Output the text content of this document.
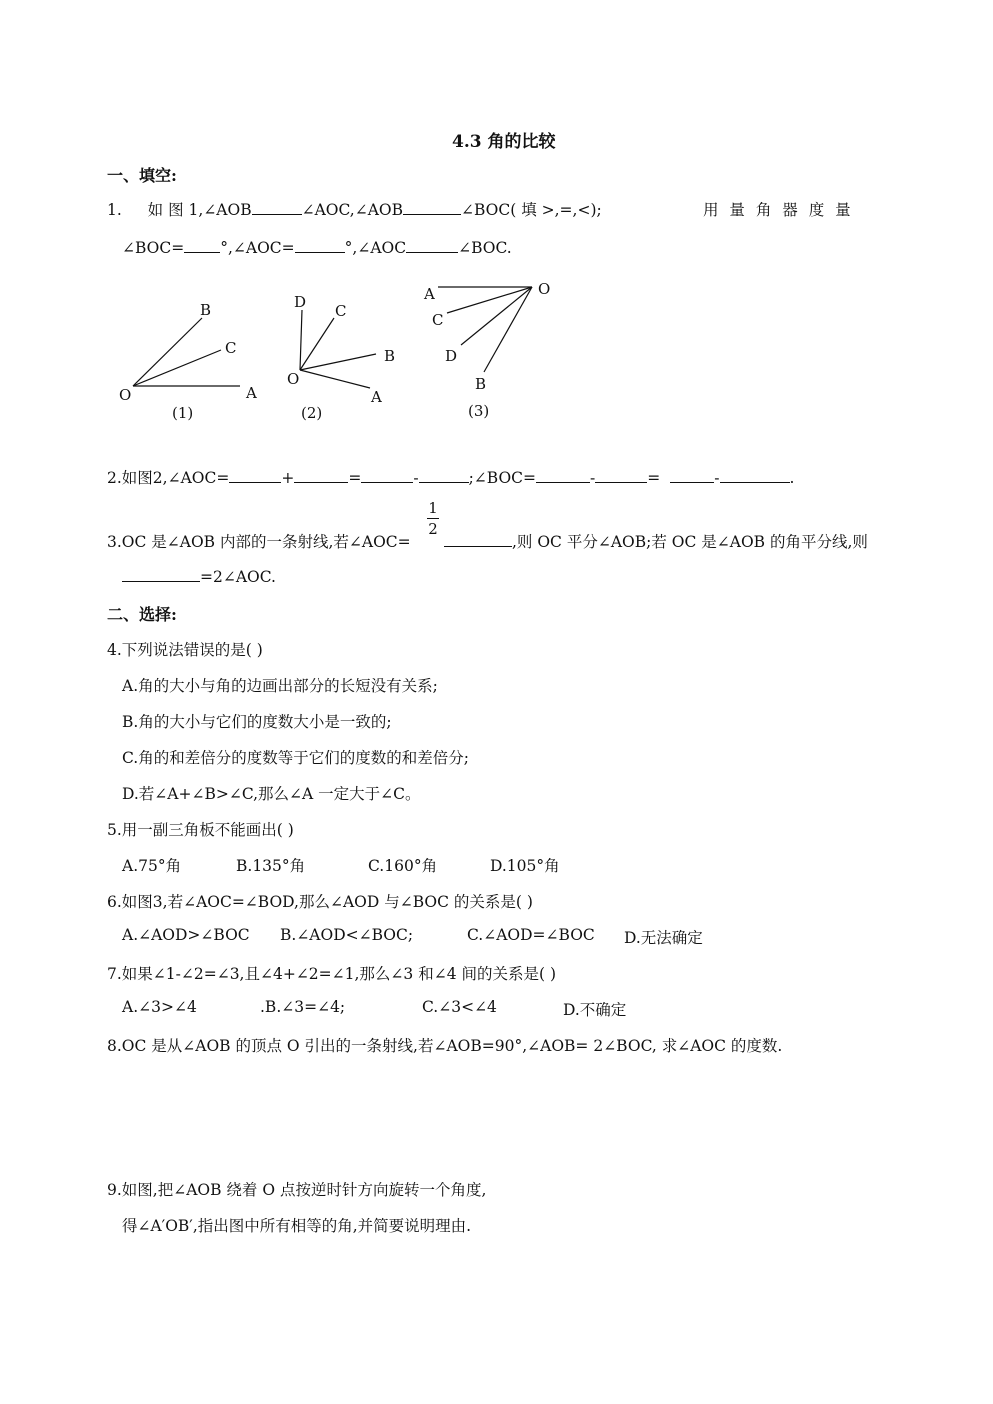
4.3 角的比较
一、填空:
1. 如 图 1,∠AOB	∠AOC,∠AOB	∠BOC( 填 >,=,<);	用 量 角 器 度 量
∠BOC= °,∠AOC=	°,∠AOC	∠BOC.
O	A
B
C
(1)
D C
B
O
A
(2)
A	O
C
D
B
(3)
2.如图2,∠AOC=	+	=	-	;∠BOC=	-	=	-	.
3.OC 是∠AOB 内部的一条射线,若∠AOC=
1
2
,则 OC 平分∠AOB;若 OC 是∠AOB 的角平分线,则
=2∠AOC.
二、选择:
4.下列说法错误的是( )
A.角的大小与角的边画出部分的长短没有关系;
B.角的大小与它们的度数大小是一致的;
C.角的和差倍分的度数等于它们的度数的和差倍分;
D.若∠A+∠B>∠C,那么∠A 一定大于∠C。
5.用一副三角板不能画出( )
A.75°角	B.135°角	C.160°角	D.105°角
6.如图3,若∠AOC=∠BOD,那么∠AOD 与∠BOC 的关系是( )
A.∠AOD>∠BOC B.∠AOD<∠BOC;	C.∠AOD=∠BOC D.无法确定
7.如果∠1-∠2=∠3,且∠4+∠2=∠1,那么∠3 和∠4 间的关系是( )
A.∠3>∠4	.B.∠3=∠4;	C.∠3<∠4	D.不确定
8.OC 是从∠AOB 的顶点 O 引出的一条射线,若∠AOB=90°,∠AOB= 2∠BOC, 求∠AOC 的度数.
9.如图,把∠AOB 绕着 O 点按逆时针方向旋转一个角度,
得∠A′OB′,指出图中所有相等的角,并简要说明理由.
